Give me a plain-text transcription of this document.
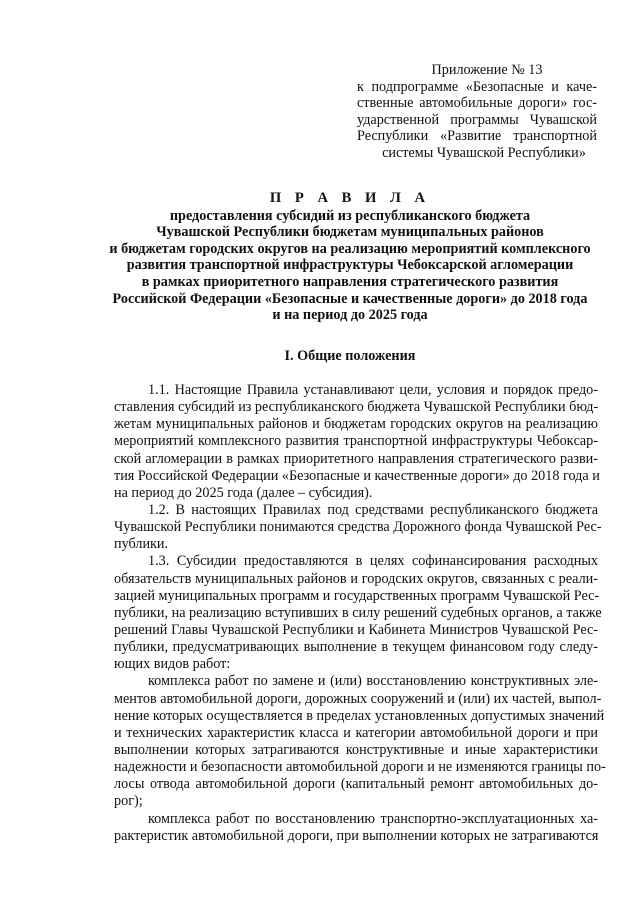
Приложение № 13
к подпрограмме «Безопасные и каче-
ственные автомобильные дороги» гос-
ударственной программы Чувашской
Республики «Развитие транспортной
системы Чувашской Республики»
П Р А В И Л А
предоставления субсидий из республиканского бюджета
Чувашской Республики бюджетам муниципальных районов
и бюджетам городских округов на реализацию мероприятий комплексного
развития транспортной инфраструктуры Чебоксарской агломерации
в рамках приоритетного направления стратегического развития
Российской Федерации «Безопасные и качественные дороги» до 2018 года
и на период до 2025 года
I. Общие положения
1.1. Настоящие Правила устанавливают цели, условия и порядок предо-
ставления субсидий из республиканского бюджета Чувашской Республики бюд-
жетам муниципальных районов и бюджетам городских округов на реализацию
мероприятий комплексного развития транспортной инфраструктуры Чебокcар-
ской агломерации в рамках приоритетного направления стратегического разви-
тия Российской Федерации «Безопасные и качественные дороги» до 2018 года и
на период до 2025 года (далее – субсидия).
1.2. В настоящих Правилах под средствами республиканского бюджета
Чувашской Республики понимаются средства Дорожного фонда Чувашской Рес-
публики.
1.3. Субсидии предоставляются в целях софинансирования расходных
обязательств муниципальных районов и городских округов, связанных с реали-
зацией муниципальных программ и государственных программ Чувашской Рес-
публики, на реализацию вступивших в силу решений судебных органов, а также
решений Главы Чувашской Республики и Кабинета Министров Чувашской Рес-
публики, предусматривающих выполнение в текущем финансовом году следу-
ющих видов работ:
комплекса работ по замене и (или) восстановлению конструктивных эле-
ментов автомобильной дороги, дорожных сооружений и (или) их частей, выпол-
нение которых осуществляется в пределах установленных допустимых значений
и технических характеристик класса и категории автомобильной дороги и при
выполнении которых затрагиваются конструктивные и иные характеристики
надежности и безопасности автомобильной дороги и не изменяются границы по-
лосы отвода автомобильной дороги (капитальный ремонт автомобильных до-
рог);
комплекса работ по восстановлению транспортно-эксплуатационных ха-
рактеристик автомобильной дороги, при выполнении которых не затрагиваются
